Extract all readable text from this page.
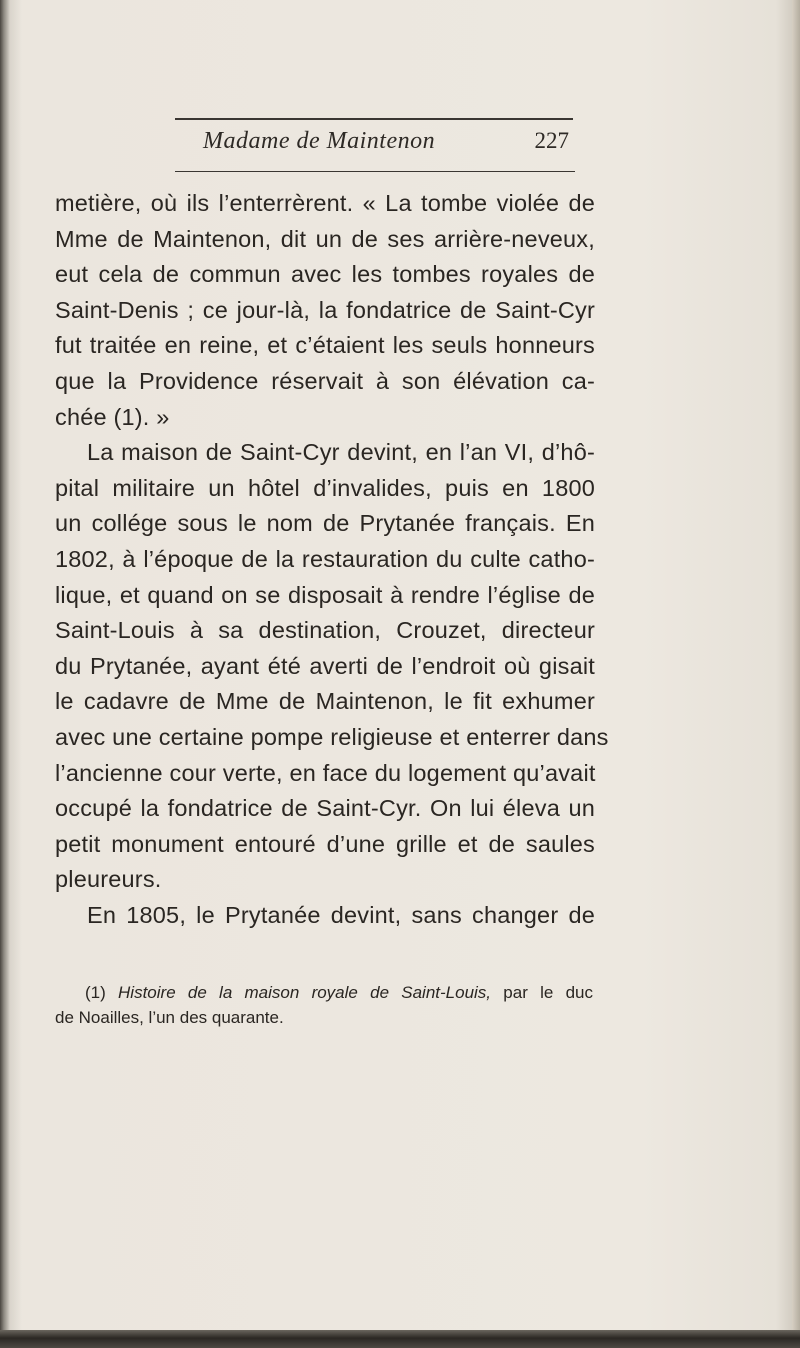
Madame de Maintenon	227
metière, où ils l’enterrèrent. « La tombe violée de
Mme de Maintenon, dit un de ses arrière-neveux,
eut cela de commun avec les tombes royales de
Saint-Denis ; ce jour-là, la fondatrice de Saint-Cyr
fut traitée en reine, et c’étaient les seuls honneurs
que la Providence réservait à son élévation ca-
chée (1). »
La maison de Saint-Cyr devint, en l’an VI, d’hô-
pital militaire un hôtel d’invalides, puis en 1800
un collége sous le nom de Prytanée français. En
1802, à l’époque de la restauration du culte catho-
lique, et quand on se disposait à rendre l’église de
Saint-Louis à sa destination, Crouzet, directeur
du Prytanée, ayant été averti de l’endroit où gisait
le cadavre de Mme de Maintenon, le fit exhumer
avec une certaine pompe religieuse et enterrer dans
l’ancienne cour verte, en face du logement qu’avait
occupé la fondatrice de Saint-Cyr. On lui éleva un
petit monument entouré d’une grille et de saules
pleureurs.
En 1805, le Prytanée devint, sans changer de
(1) Histoire de la maison royale de Saint-Louis, par le duc
de Noailles, l’un des quarante.
